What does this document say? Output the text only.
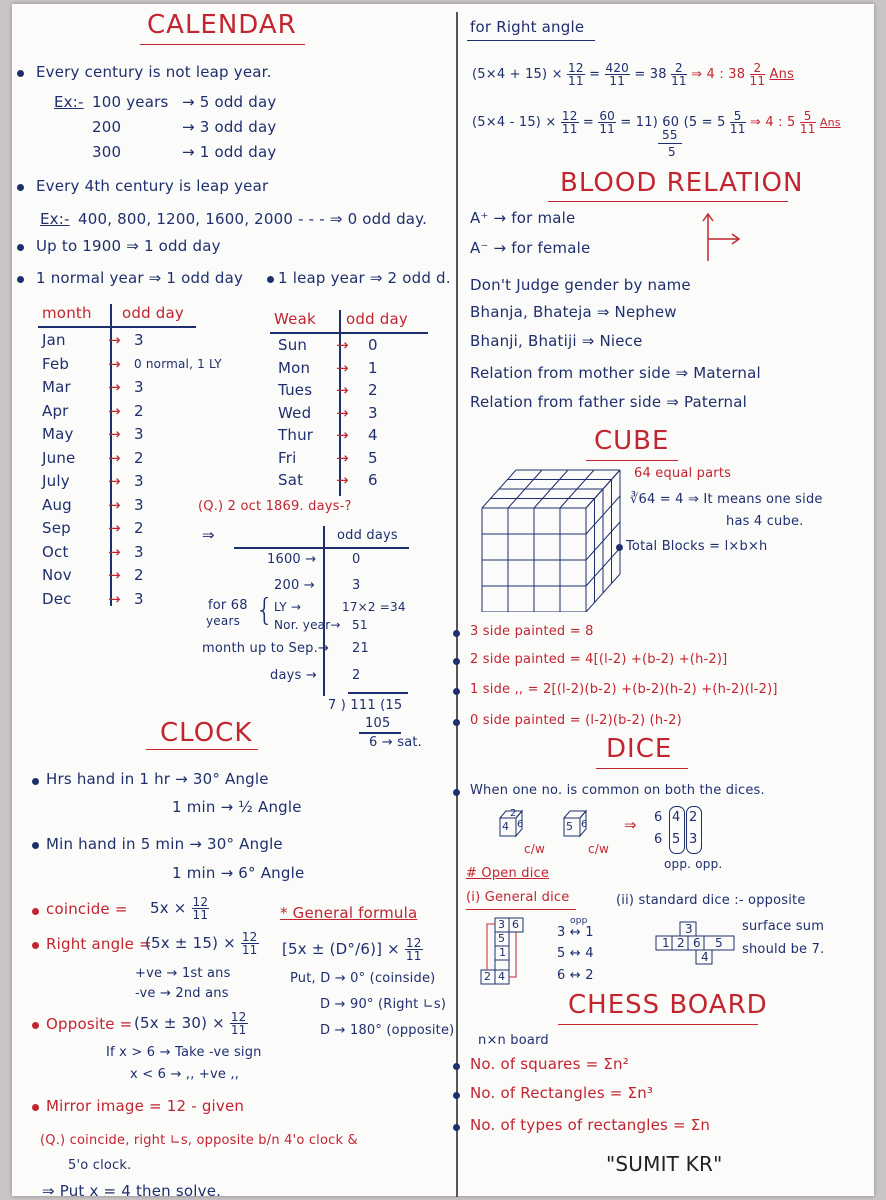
CALENDAR
Every century is not leap year.
Ex:- 100 years → 5 odd day
200	→ 3 odd day
300	→ 1 odd day
Every 4th century is leap year
Ex:- 400, 800, 1200, 1600, 2000 - - - ⇒ 0 odd day.
Up to 1900 ⇒ 1 odd day
1 normal year ⇒ 1 odd day 1 leap year ⇒ 2 odd d.
month odd day
Jan	→ 3
Feb	→ 0 normal, 1 LY
Mar → 3
Apr	→ 2
May → 3
June → 2
July	→ 3
Aug → 3
Sep → 2
Oct	→ 3
Nov → 2
Dec → 3
Weak odd day
Sun → 0
Mon → 1
Tues → 2
Wed → 3
Thur → 4
Fri	→ 5
Sat → 6
(Q.) 2 oct 1869. days-?
⇒	odd days
1600 →	0
200 →	3
for 68
years { LY →	17×2 =34
Nor. year→ 51
month up to Sep.→ 21
days →	2
7 ) 111 (15
105
6 → sat.
CLOCK
Hrs hand in 1 hr → 30° Angle
1 min → ½ Angle
Min hand in 5 min → 30° Angle
1 min → 6° Angle
coincide = $5x \times \frac{12}{11}$
Right angle =
$(5x \pm 15) \times \frac{12}{11}$
+ve → 1st ans
-ve → 2nd ans
* General formula
$[5x \pm (D^\circ/6)] \times \frac{12}{11}$
Put, D → 0° (coinside)
D → 90° (Right ∟s)
D → 180° (opposite)
Opposite = $(5x \pm 30) \times \frac{12}{11}$
If x > 6 → Take -ve sign
x < 6 → ,, +ve ,,
Mirror image = 12 - given
(Q.) coincide, right ∟s, opposite b/n 4'o clock &
5'o clock.
⇒ Put x = 4 then solve.
for Right angle
$(5\times 4 + 15) \times \frac{12}{11} = \frac{420}{11} = 38 \frac{2}{11}$ ⇒ 4 : $38 \frac{2}{11}$ Ans
$(5\times 4 - 15) \times \frac{12}{11} = \frac{60}{11} = 11$) 60 ($5 = 5 \frac{5}{11}$ ⇒ 4 : $5 \frac{5}{11}$ Ans
55
5
BLOOD RELATION
A⁺ → for male
A⁻ → for female
Don't Judge gender by name
Bhanja, Bhateja ⇒ Nephew
Bhanji, Bhatiji ⇒ Niece
Relation from mother side ⇒ Maternal
Relation from father side ⇒ Paternal
CUBE
64 equal parts
∛64 = 4 ⇒ It means one side
has 4 cube.
Total Blocks = l×b×h
3 side painted = 8
2 side painted = 4[(l-2) +(b-2) +(h-2)]
1 side ,, = 2[(l-2)(b-2) +(b-2)(h-2) +(h-2)(l-2)]
0 side painted = (l-2)(b-2) (h-2)
DICE
When one no. is common on both the dices.
2
4 6
c/w
5 6
c/w
⇒ 6
6
4
5
2
3
opp. opp.
# Open dice
(i) General dice	(ii) standard dice :- opposite
surface sum
should be 7.
3 6
5
1
2 4
opp
3 ↔ 1
5 ↔ 4
6 ↔ 2
3
1 2 6 5
4
CHESS BOARD
n×n board
No. of squares = Σn²
No. of Rectangles = Σn³
No. of types of rectangles = Σn
"SUMIT KR"
